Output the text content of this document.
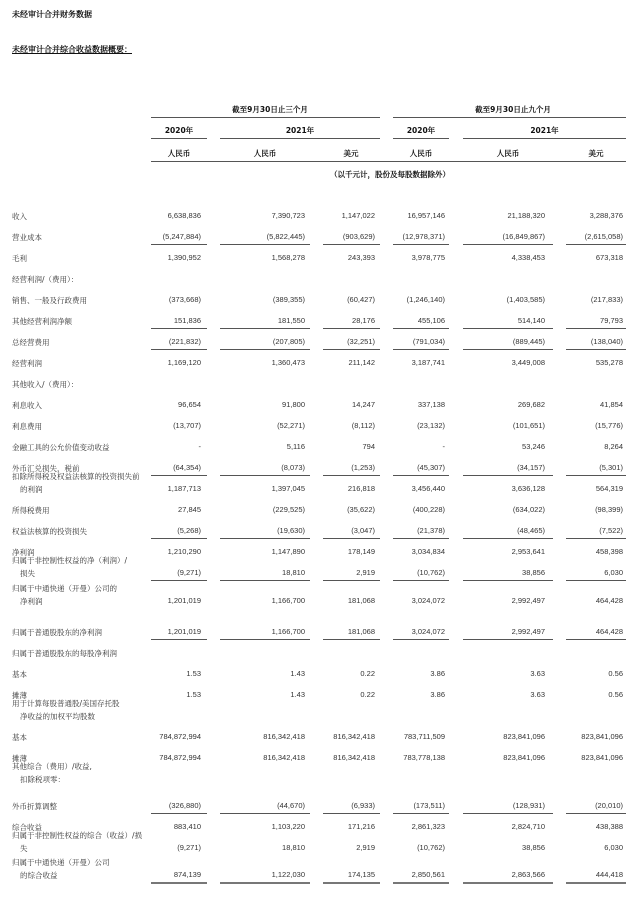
未经审计合并财务数据
未经审计合并综合收益数据概要：
截至9月30日止三个月	截至9月30日止九个月
2020年	2021年	2020年	2021年
人民币	人民币	美元	人民币	人民币	美元
（以千元计，股份及每股数据除外）
收入	6,638,836	7,390,723	1,147,022	16,957,146	21,188,320	3,288,376
营业成本	(5,247,884)	(5,822,445)	(903,629)	(12,978,371)	(16,849,867)	(2,615,058)
毛利	1,390,952	1,568,278	243,393	3,978,775	4,338,453	673,318
经营利润/（费用）：
销售、一般及行政费用	(373,668)	(389,355)	(60,427)	(1,246,140)	(1,403,585)	(217,833)
其他经营利润净额	151,836	181,550	28,176	455,106	514,140	79,793
总经营费用	(221,832)	(207,805)	(32,251)	(791,034)	(889,445)	(138,040)
经营利润	1,169,120	1,360,473	211,142	3,187,741	3,449,008	535,278
其他收入/（费用）：
利息收入	96,654	91,800	14,247	337,138	269,682	41,854
利息费用	(13,707)	(52,271)	(8,112)	(23,132)	(101,651)	(15,776)
金融工具的公允价值变动收益	-	5,116	794	-	53,246	8,264
外币汇兑损失，税前	(64,354)	(8,073)	(1,253)	(45,307)	(34,157)	(5,301)
扣除所得税及权益法核算的投资损失前
的利润	1,187,713	1,397,045	216,818	3,456,440	3,636,128	564,319
所得税费用	27,845	(229,525)	(35,622)	(400,228)	(634,022)	(98,399)
权益法核算的投资损失	(5,268)	(19,630)	(3,047)	(21,378)	(48,465)	(7,522)
净利润	1,210,290	1,147,890	178,149	3,034,834	2,953,641	458,398
归属于非控制性权益的净（利润）/
损失	(9,271)	18,810	2,919	(10,762)	38,856	6,030
归属于中通快递（开曼）公司的
净利润	1,201,019	1,166,700	181,068	3,024,072	2,992,497	464,428
归属于普通股股东的净利润	1,201,019	1,166,700	181,068	3,024,072	2,992,497	464,428
归属于普通股股东的每股净利润
基本	1.53	1.43	0.22	3.86	3.63	0.56
摊薄	1.53	1.43	0.22	3.86	3.63	0.56
用于计算每股普通股/美国存托股
净收益的加权平均股数
基本	784,872,994	816,342,418	816,342,418	783,711,509	823,841,096	823,841,096
摊薄	784,872,994	816,342,418	816,342,418	783,778,138	823,841,096	823,841,096
其他综合（费用）/收益,
扣除税项零：
外币折算调整	(326,880)	(44,670)	(6,933)	(173,511)	(128,931)	(20,010)
综合收益	883,410	1,103,220	171,216	2,861,323	2,824,710	438,388
归属于非控制性权益的综合（收益）/损
失	(9,271)	18,810	2,919	(10,762)	38,856	6,030
归属于中通快递（开曼）公司
的综合收益	874,139	1,122,030	174,135	2,850,561	2,863,566	444,418
